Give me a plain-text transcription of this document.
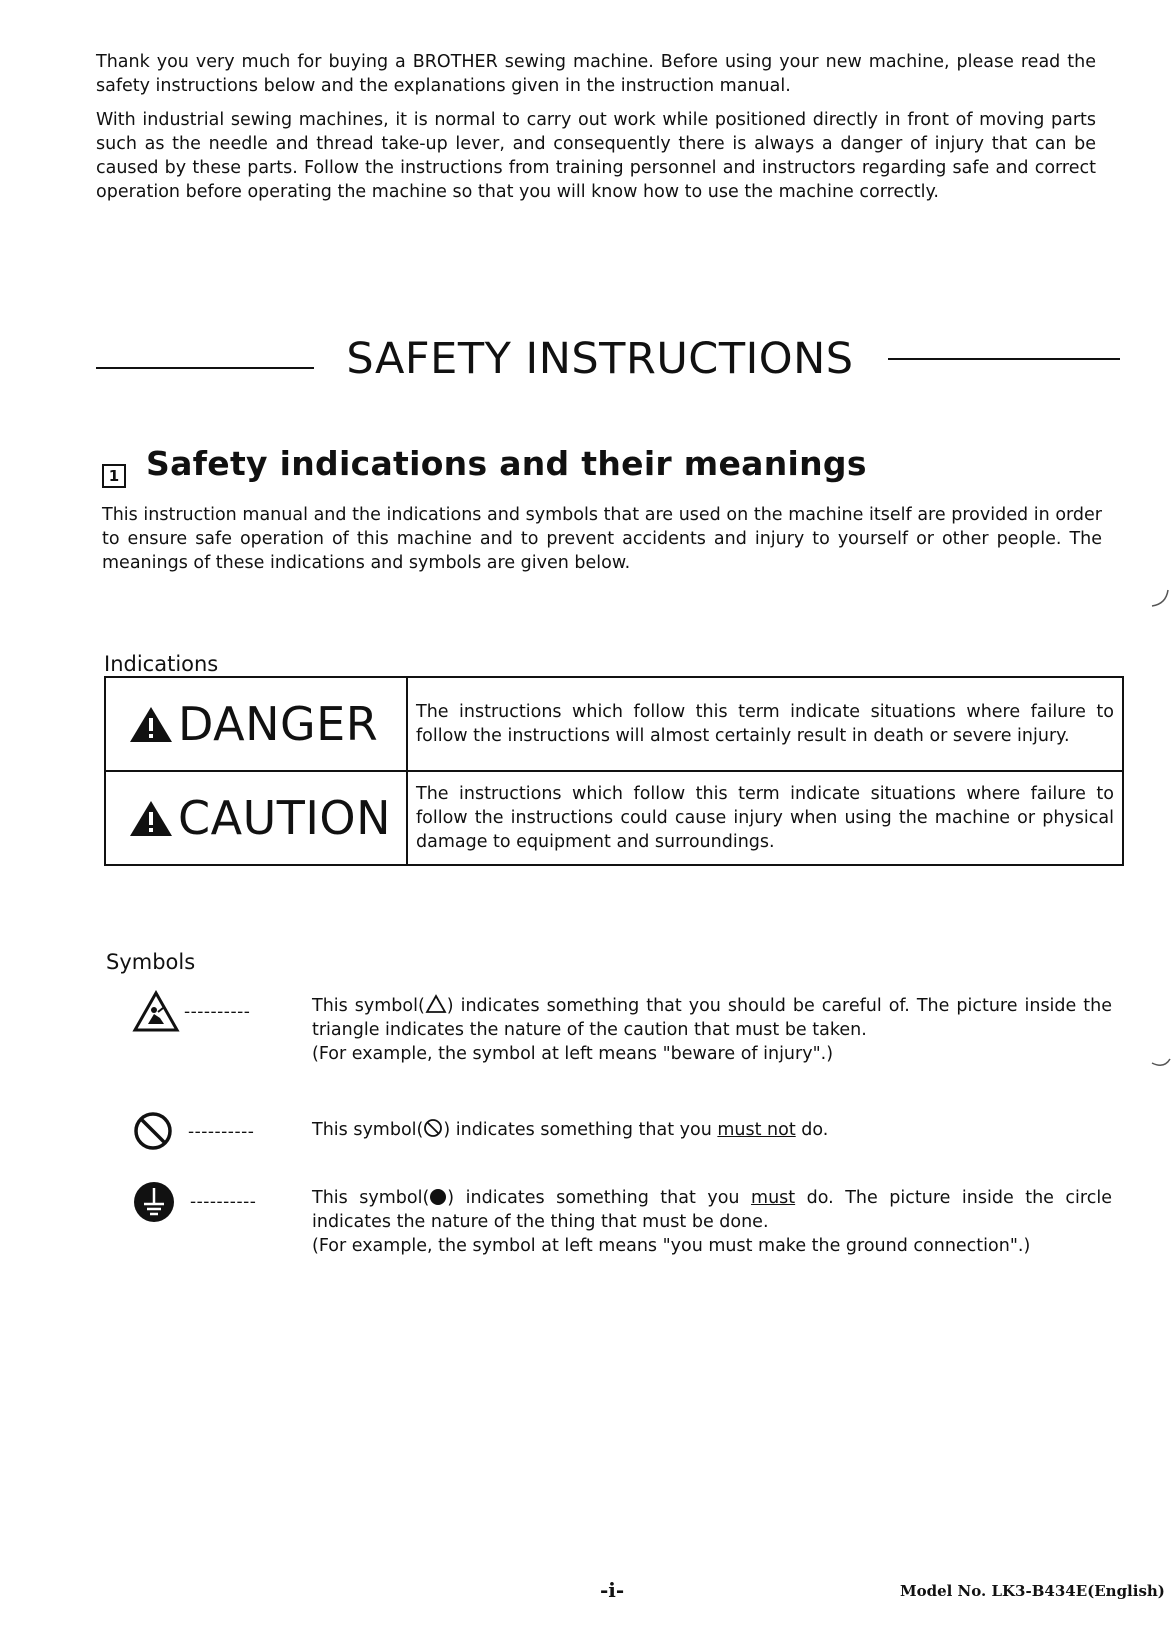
Thank you very much for buying a BROTHER sewing machine. Before using your new machine, please read the safety instructions below and the explanations given in the instruction manual.

With industrial sewing machines, it is normal to carry out work while positioned directly in front of moving parts such as the needle and thread take-up lever, and consequently there is always a danger of injury that can be caused by these parts. Follow the instructions from training personnel and instructors regarding safe and correct operation before operating the machine so that you will know how to use the machine correctly.

SAFETY INSTRUCTIONS
1 Safety indications and their meanings

This instruction manual and the indications and symbols that are used on the machine itself are provided in order to ensure safe operation of this machine and to prevent accidents and injury to yourself or other people. The meanings of these indications and symbols are given below.

Indications
DANGER	The instructions which follow this term indicate situations where failure to follow the instructions will almost certainly result in death or severe injury.

CAUTION	The instructions which follow this term indicate situations where failure to follow the instructions could cause injury when using the machine or physical damage to equipment and surroundings.
Symbols
----------	This symbol( ) indicates something that you should be careful of. The picture inside the triangle indicates the nature of the caution that must be taken.

(For example, the symbol at left means "beware of injury".)

----------	This symbol( ) indicates something that you must not do.

----------	This symbol( ) indicates something that you must do. The picture inside the circle indicates the nature of the thing that must be done.

(For example, the symbol at left means "you must make the ground connection".)

-i-	Model No. LK3-B434E(English)
